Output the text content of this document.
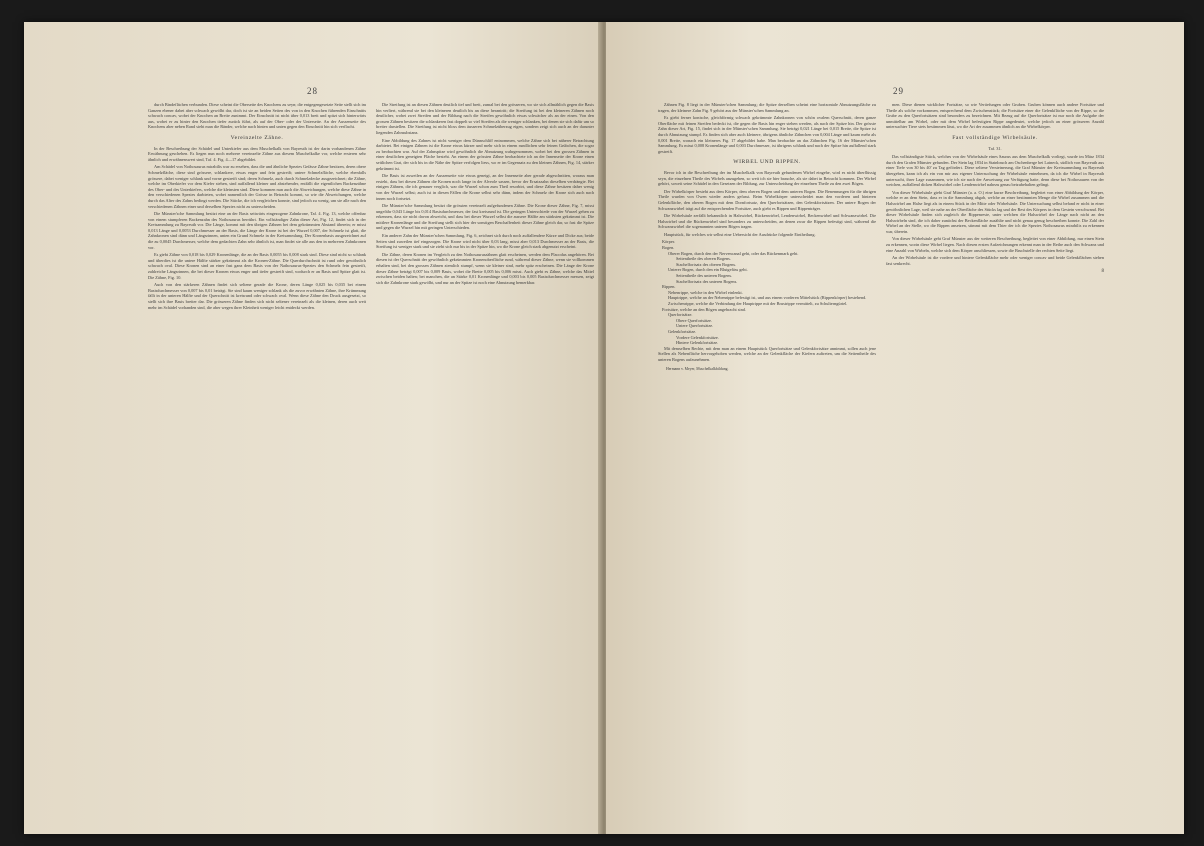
28

durch Bindeflächen verbunden. Diese scheint die Oberseite des Knochens zu seyn; die entgegengesetzte Seite stellt sich im Ganzen ebener dabei aber schwach gewölbt dar, doch ist sie an beiden Seiten des von in den Knochen führenden Einschnitts schwach concav, wobei der Knochen an Breite zunimmt. Der Einschnitt ist nicht über 0,013 breit und spitzt sich hinterwärts aus, wobei er zu hinter den Knochen tiefer zurück führt, als auf der Ober- oder der Unterseite. An der Aussenseite des Knochens aber neben Rand sieht man die Ränder, welche nach hinten und unten gegen den Einschnitt hin sich verflacht.

Vereinzelte Zähne.

In der Beschreibung der Schädel und Unterkiefer aus dem Muschelkalk von Bayreuth ist der darin vorhandenen Zähne Erwähnung geschehen. Es liegen nun noch mehrere vereinzelte Zähne aus diesem Muschelkalke vor, welche ersteren sehr ähnlich und erwähnenswert sind, Taf. 4. Fig. 4—17 abgebildet.

Am Schädel von Nothosaurus mirabilis war zu ersehen, dass die und ähnliche Spezies Gefässe Zähne besitzen, deren obere Schmelzfläche, diese sind grössere, schlankere, etwas enger und fein gestreift; untere Schmelzfläche, welche ebenfalls grössere, dabei weniger schlank und vorne gestreift sind; deren Schmelz, auch durch Schmelzdecke ausgezeichnet; die Zähne, welche im Oberkiefer vor dem Kiefer stehen, sind auffallend kleiner und abstehender, entfällt die eigentlichen Backenzähne des Ober- und des Unterkiefers, welche die kleinsten sind. Diese kommen nun auch die Abweichungen, welche diese Zähne in den verschiedenen Spezies darbieten, wobei namentlich der Grösse in Betracht kommt, so wie die Abweichungen, welche durch das Alter des Zahns bedingt werden. Die Stücke, die ich vergleichen konnte, sind jedoch zu wenig, um sie alle nach den verschiedenen Zähnen einer und derselben Spezies nicht zu unterscheiden.

Die Münster'sche Sammlung besitzt eine an der Basis seitwärts eingezogene Zahnkrone, Taf. 4. Fig. 13, welche offenbar von einem stumpferen Backenzahn des Nothosaurus herrührt. Ein vollständiger Zahn dieser Art, Fig. 12, findet sich in der Kreisammlung zu Bayreuth vor. Die Länge, kommt mit den übrigen Zähnen bei dem gekrümmten Abstand überein; er misst 0,013 Länge und 0,0053 Durchmesser an der Basis, die Länge der Krone ist bei der Wurzel 0,007, der Schmelz ist glatt, die Zahnkronen sind dünn und Längsrinnen, unten ein Grund Schmelz in der Kreisammlung. Der Kronenbasis ausgezeichnet auf die zu 0,0045 Durchmesser, welche dem gedachten Zahn sehr ähnlich ist, man findet sie alle aus den in mehreren Zahnkronen vor.

Es giebt Zähne von 0,018 bis 0,029 Kronenlänge, die an der Basis 0,0055 bis 0,008 stark sind. Diese sind nicht so schlank und überdies ist die untere Hälfte stärker gekrümmt als die Kronen-Zähne. Die Querdurchschnitt ist rund oder gewöhnlich schwach oval. Diese Kronen sind an einer fast ganz dem Basis von der Nathosaurus-Spezies den Schmelz fein gestreift, zahlreiche Längsrinnen, die bei dieser Kronen etwas enger und tiefer gestreift sind, wodurch er an Basis und Spitze glatt ist. Die Zähne, Fig. 10.

Auch von den stärkeren Zähnen findet sich seltene gerade die Krone, deren Länge 0,025 bis 0,035 bei einem Basisdurchmesser von 0,007 bis 0,01 beträgt. Sie sind kaum weniger schlank als die zuvor erwähnten Zähne, ihre Krümmung fällt in der unteren Hälfte und der Querschnitt ist kreisrund oder schwach oval. Wenn diese Zähne den Druck ausgesetzt, so stellt sich ihre Basis breiter dar. Die grösseren Zähne finden sich nicht seltener vereinzelt als die kleinen, deren auch weit mehr im Schädel vorhanden sind, die aber wegen ihrer Kleinheit weniger leicht entdeckt werden.

Die Streifung ist an diesen Zähnen deutlich tief und breit, zumal bei den grösseren, wo sie sich allmählich gegen die Basis hin verliert, während sie bei den kleineren deutlich bis an diese herantritt; die Streifung ist bei den kleineren Zähnen noch deutlicher, wobei zwei Streifen und der Bildung nach die Streifen gewöhnlich etwas schwächer als an der einen. Von den grossen Zähnen besitzen die schlankeren fast doppelt so viel Streifen als die weniger schlanken, bei denen sie sich dafür um so breiter darstellen. Die Streifung ist nicht bloss dem äusseren Schmelzüberzug eigen, sondern zeigt sich auch an der darunter liegenden Zahnsubstanz.

Eine Abbildung des Zahnes ist nicht weniger dem Dünnschliff entnommen, welche Zähne sich bei näherer Betrachtung darbietet. Bei einigen Zähnen ist die Krone etwas kürzer und mehr sich in einem rundlichen sehr feinen Grübchen, die sogar zu beobachten war. Auf der Zahnspitze wird gewöhnlich die Abnutzung wahrgenommen, wobei bei den grossen Zähnen in einer deutlichen geneigten Fläche besteht. An einem der grössten Zähne beobachtete ich an der Innenseite der Krone einen seitlichen Grat, der sich bis in die Nähe der Spitze verfolgen liess, wo er im Gegensatz zu den kleinen Zähnen, Fig. 14, stärker gekrümmt ist.

Die Basis ist zuweilen an der Aussenseite wie etwas geneigt, an der Innenseite aber gerade abgeschnitten, woraus man ersieht, dass bei diesen Zähnen die Kronen noch lange in der Alveole sassen, bevor der Ersatzzahn dieselben verdrängte. Bei einigen Zähnen, die ich genauer verglich, war die Wurzel schon zum Theil resorbirt, und diese Zähne besitzen daher wenig von der Wurzel selbst; auch ist in diesen Fällen die Krone selbst sehr dünn, indem der Schmelz der Krone sich auch nach innen noch fortsetzt.

Die Münster'sche Sammlung besitzt die grössten vereinzelt aufgefundenen Zähne. Die Krone dieser Zähne, Fig. 7, misst ungefähr 0,043 Länge bis 0,014 Basisdurchmesser, der fast kreisrund ist. Die geringen Unterschiede von der Wurzel gehen zu erkennen, dass sie nicht davon abweicht, und dass bei dieser Wurzel selbst die aussere Hälfte am stärksten gekrümmt ist. Die mittlere Kronenlänge und die Streifung stellt sich hier der sonstigen Beschaffenheit dieser Zähne gleich dar, so fast die Spitze und gegen die Wurzel hin mit geringen Unterschieden.

Ein anderer Zahn der Münster'schen Sammlung, Fig. 6, zeichnet sich durch noch auffallendere Kürze und Dicke aus; beide Seiten sind zuweilen tief eingezogen. Die Krone wird nicht über 0,03 lang, misst aber 0,013 Durchmesser an der Basis, die Streifung ist weniger stark und sie zieht sich nur bis in der Spitze hin, wo die Krone gleich stark abgenutzt erscheint.

Die Zähne, deren Kronen im Vergleich zu den Nothosauruszähnen glatt erscheinen, werden dem Placodus angehören. Bei diesen ist der Querschnitt der gewöhnlich gekrümmten Kronenoberfläche rund, während dieser Zähne, wenn sie vollkommen erhalten sind, bei den grossen Zähnen ziemlich stumpf, wenn sie kleiner sind, mehr spitz erscheinen. Die Länge der Krone dieser Zähne beträgt 0,007 bis 0,009 Basis, wobei die Breite 0,005 bis 0,006 misst. Auch giebt es Zähne, welche das Mittel zwischen beiden halten; bei manchen, die an Stärke 0,01 Kronenlänge und 0,003 bis 0,005 Basisdurchmesser messen, zeigt sich die Zahnkrone stark gewölbt, und nur an der Spitze ist noch eine Abnutzung bemerkbar.

29

Zähnen Fig. 8 liegt in der Münster'schen Sammlung; die Spitze derselben scheint eine horizontale Abnutzungsfläche zu tragen, der kleinere Zahn Fig. 9 gehört aus der Münster'schen Sammlung an.

Es giebt ferner konische, gleichförmig schwach gekrümmte Zahnkronen von schön ovalem Querschnitt, deren ganze Oberfläche mit feinen Streifen bedeckt ist, die gegen die Basis hin enger stehen werden, als nach der Spitze hin. Der grösste Zahn dieser Art, Fig. 15, findet sich in der Münster'schen Sammlung. Sie beträgt 0,021 Länge bei 0,015 Breite, die Spitze ist durch Abnutzung stumpf. Es finden sich aber auch kleinere, übrigens ähnliche Zähnchen von 0,004 Länge und kaum mehr als 0,001 Breite, wonach ein kleineres Fig. 17 abgebildet habe. Man beobachte an das Zähnchen Fig. 16 der Münster'schen Sammlung. Es misst 0,008 Kronenlänge und 0,003 Durchmesser, ist übrigens schlank und nach der Spitze hin auffallend stark gestreift.

WIRBEL UND RIPPEN.

Bevor ich in die Beschreibung der im Muschelkalk von Bayreuth gefundenen Wirbel eingehe, wird es nicht überflüssig seyn, die einzelnen Theile des Wirbels anzugeben, so weit ich sie hier brauche, als sie dabei in Betracht kommen. Der Wirbel gehört, soweit seine Schädel in den Gesetzen der Bildung, zur Unterscheidung der einzelnen Theile zu den zwei Bögen.

Der Wirbelkörper besteht aus dem Körper, dem oberen Bogen und dem unteren Bogen. Die Benennungen für die übrigen Theile wurden von Owen wieder anders gefasst. Beim Wirbelkörper unterscheidet man den vorderen und hinteren Gelenkfläche, den oberen Bogen mit dem Dornfortsatz, den Querfortsätzen, den Gelenkfortsätzen. Der untere Bogen der Schwanzwirbel trägt auf die entsprechenden Fortsätze, auch giebt es Rippen und Rippenträger.

Die Wirbelsäule zerfällt bekanntlich in Halswirbel, Rückenwirbel, Lendenwirbel, Beckenwirbel und Schwanzwirbel. Die Halswirbel und die Rückenwirbel sind besonders zu unterscheiden, an denen zwar die Rippen befestigt sind, während die Schwanzwirbel die sogenannten unteren Bögen tragen.

Hauptstück, für welches wir selbst eine Uebersicht der Ausdrücke folgende Eintheilung.

Körper.
Bogen.
Oberer Bogen, durch den der Nervencanal geht, oder das Rückenmark geht.
Seitentheile des oberen Bogens.
Stachelfortsatz des oberen Bogens.
Unterer Bogen, durch den ein Blutgefäss geht.
Seitentheile des unteren Bogens.
Stachelfortsatz des unteren Bogens.
Rippen.
Nebenrippe, welche in den Wirbel einlenkt.
Hauptrippe, welche an der Nebenrippe befestigt ist, und aus einem vorderen Mittelstück (Rippenkörper) bestehend.
Zwischenrippe, welche die Verbindung der Hauptrippe mit der Brustrippe vermittelt, zu Schulterngürtel.
Fortsätze, welche an den Bögen angebracht sind.
Querfortsätze.
Obere Querfortsätze.
Untere Querfortsätze.
Gelenkfortsätze.
Vordere Gelenkfortsätze.
Hintere Gelenkfortsätze.

Mit demselben Rechte, mit dem man an einem Hauptstück Querfortsätze und Gelenkfortsätze annimmt, sollen auch jene Stellen als Nebenfläche hervorgehoben werden, welche an der Gelenkfläche der Kiefern auftreten, um die Seitentheile des unteren Bogens aufzunehmen.

Hermann v. Meyer, Muschelkalkbildung.

men. Diese dienen wirklicher Fortsätze, so wie Vertiefungen oder Gruben. Gruben können auch andere Fortsätze und Theile als solche vorkommen, entsprechend dem Zwischenstück; die Fortsätze einer die Gelenkfläche von der Rippe, so die Grube zu den Querfortsätzen sind besonders zu bezeichnen. Mit Bezug auf die Querfortsätze ist nur noch die Aufgabe der unmittelbar am Wirbel, oder mit dem Wirbel befestigten Rippe angedeutet, welche jedoch an einer grösseren Anzahl untersuchter Tiere stets bestimmen lässt, wo die Art der zusammen ähnlich an die Wirbelkörper.

Fast vollständige Wirbelsäule.
Taf. 31.

Das vollständigste Stück, welches von der Wirbelsäule eines Saurus aus dem Muschelkalk vorliegt, wurde im März 1834 durch den Grafen Münster gefunden. Der Stein lag 1834 in Stainbruch am Oschenberge bei Laineck, südlich von Bayreuth aus einer Tiefe von 30 bis 40' zu Tag gefördert. Diese seltene Versteinerung, die Graf Münster der Kreissammlung zu Bayreuth übergeben, kann ich als ein von mir aus eigener Untersuchung der Wirbelsäule entnehmen, da ich die Wirbel in Bayreuth untersucht, ihrer Lage zusammen, wie ich sie nach der Anweisung zur Verfügung hatte, denn diese bei Nothosauren von der weichen, auffallend dicken Halswirbel oder Lendenwirbel nahezu genau beizubehalten gelingt.

Von dieser Wirbelsäule giebt Graf Münster (a. a. O.) eine kurze Beschreibung, begleitet von einer Abbildung der Körper, welche er an dem Stein, dass er in die Sammlung abgab, welche an einer bestimmten Menge die Wirbel zusammen und die Halswirbel am Halse liegt als in einem Stück in der Mitte oder Wirbelsäule. Die Untersuchung selbst befand er nicht in einer gewöhnlichen Lage, weil sie nahe an der Oberfläche des Stücks lag und der Rest des Körpers in dem Gestein verschwand. Bei dieser Wirbelsäule finden sich zugleich die Rippenreste, unter welchen die Halswirbel der Länge nach nicht an den Halswirbeln sind, die ich daher zunächst der Beckenfläche zuzählte und nicht genau genug beschreiben konnte. Die Zahl der Wirbel an der Stelle, wo die Rippen ansetzen, stimmt mit dem Thier der ich die Spezies Nothosaurus mirabilis zu erkennen war, überein.

Von dieser Wirbelsäule geht Graf Münster aus der weiteren Beschreibung, begleitet von einer Abbildung, nur einen Stein zu erkennen, worin diese Wirbel liegen. Nach diesen ersten Aufzeichnungen erkennt man in der Reihe auch den Schwanz und eine Anzahl von Wirbeln, welche sich dem Körper anschliessen, sowie die Bruchstelle der rechten Seite liegt.

An der Wirbelsäule ist die vordere und hintere Gelenkfläche mehr oder weniger concav und beide Gelenkflächen stehen fast senkrecht.

8
